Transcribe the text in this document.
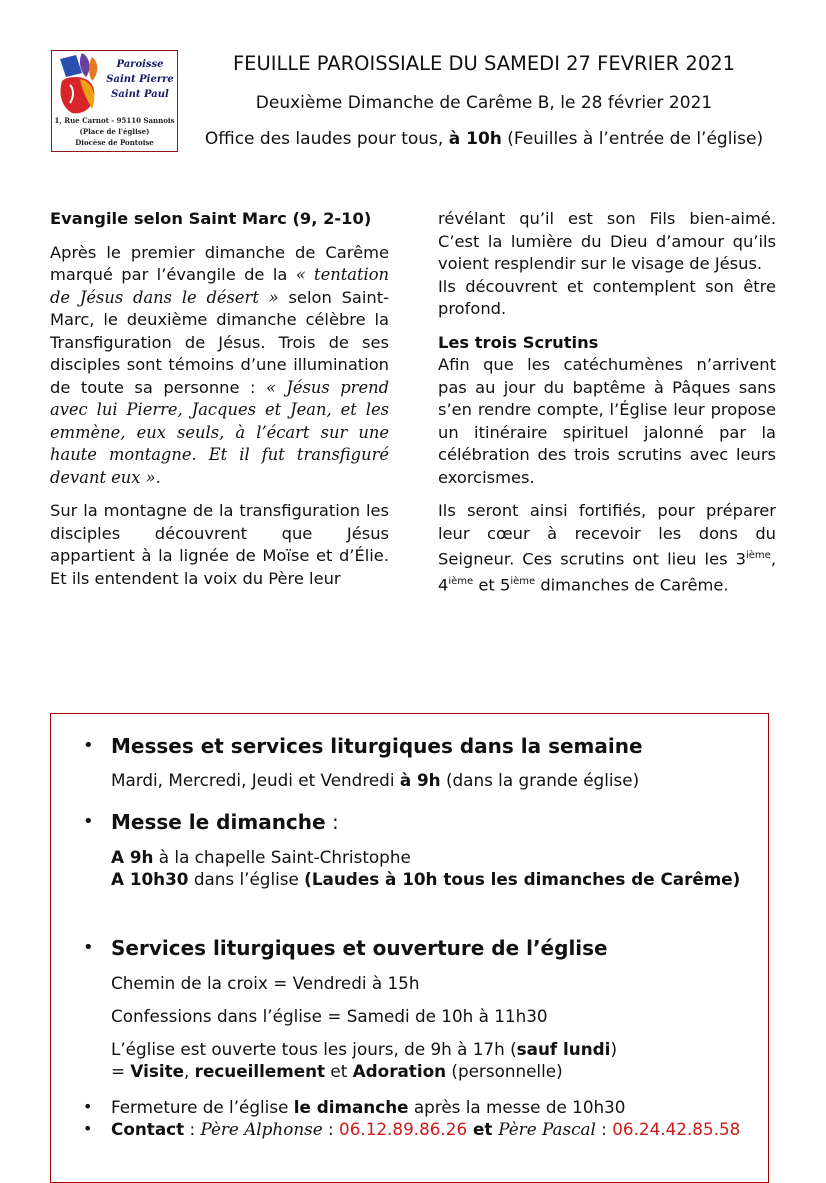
Paroisse
Saint Pierre
Saint Paul
1, Rue Carnot - 95110 Sannois
(Place de l'église)
Diocèse de Pontoise
FEUILLE PAROISSIALE DU SAMEDI 27 FEVRIER 2021
Deuxième Dimanche de Carême B, le 28 février 2021
Office des laudes pour tous, à 10h (Feuilles à l’entrée de l’église)

Evangile selon Saint Marc (9, 2-10)

Après le premier dimanche de Carême marqué par l’évangile de la « tentation de Jésus dans le désert » selon Saint-Marc, le deuxième dimanche célèbre la Transfiguration de Jésus. Trois de ses disciples sont témoins d’une illumination de toute sa personne : « Jésus prend avec lui Pierre, Jacques et Jean, et les emmène, eux seuls, à l’écart sur une haute montagne. Et il fut transfiguré devant eux ».

Sur la montagne de la transfiguration les disciples découvrent que Jésus appartient à la lignée de Moïse et d’Élie. Et ils entendent la voix du Père leur

révélant qu’il est son Fils bien-aimé. C’est la lumière du Dieu d’amour qu’ils voient resplendir sur le visage de Jésus.

Ils découvrent et contemplent son être profond.

Les trois Scrutins

Afin que les catéchumènes n’arrivent pas au jour du baptême à Pâques sans s’en rendre compte, l’Église leur propose un itinéraire spirituel jalonné par la célébration des trois scrutins avec leurs exorcismes.

Ils seront ainsi fortifiés, pour préparer leur cœur à recevoir les dons du Seigneur. Ces scrutins ont lieu les 3ième, 4ième et 5ième dimanches de Carême.

• Messes et services liturgiques dans la semaine
Mardi, Mercredi, Jeudi et Vendredi à 9h (dans la grande église)
• Messe le dimanche :
A 9h à la chapelle Saint-Christophe
A 10h30 dans l’église (Laudes à 10h tous les dimanches de Carême)
• Services liturgiques et ouverture de l’église
Chemin de la croix = Vendredi à 15h
Confessions dans l’église = Samedi de 10h à 11h30
L’église est ouverte tous les jours, de 9h à 17h (sauf lundi)
= Visite, recueillement et Adoration (personnelle)
• Fermeture de l’église le dimanche après la messe de 10h30
• Contact : Père Alphonse : 06.12.89.86.26 et Père Pascal : 06.24.42.85.58
